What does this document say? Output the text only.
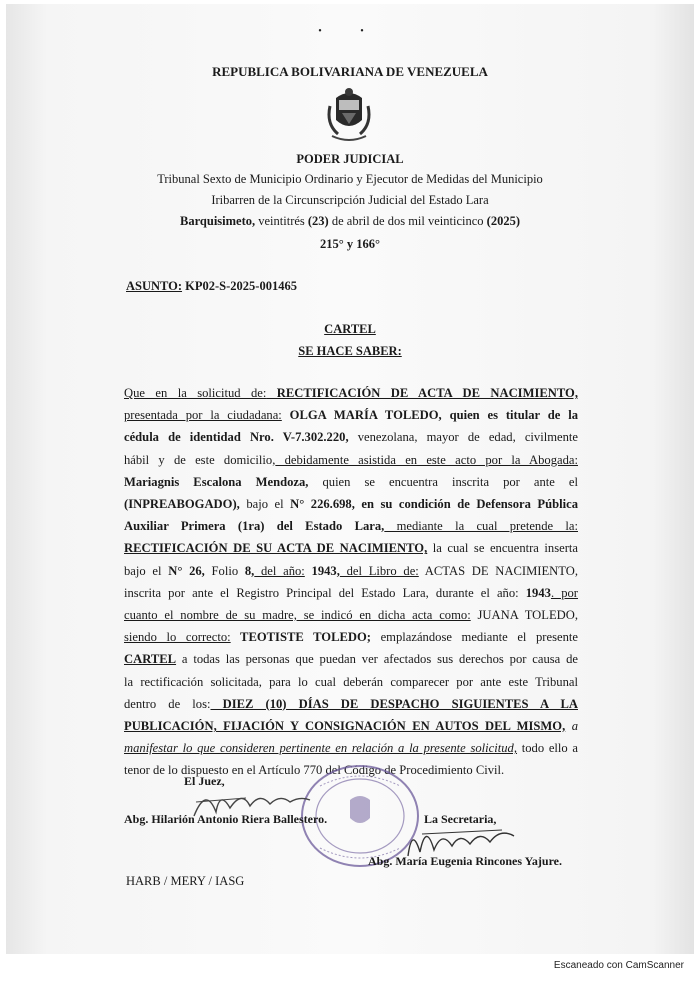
• •
REPUBLICA BOLIVARIANA DE VENEZUELA
PODER JUDICIAL
Tribunal Sexto de Municipio Ordinario y Ejecutor de Medidas del Municipio
Iribarren de la Circunscripción Judicial del Estado Lara
Barquisimeto, veintitrés (23) de abril de dos mil veinticinco (2025)
215° y 166°
ASUNTO: KP02-S-2025-001465
CARTEL
SE HACE SABER:
Que en la solicitud de: RECTIFICACIÓN DE ACTA DE NACIMIENTO,
presentada por la ciudadana: OLGA MARÍA TOLEDO, quien es titular de la
cédula de identidad Nro. V-7.302.220, venezolana, mayor de edad, civilmente
hábil y de este domicilio, debidamente asistida en este acto por la Abogada:
Mariagnis Escalona Mendoza, quien se encuentra inscrita por ante el
(INPREABOGADO), bajo el N° 226.698, en su condición de Defensora Pública
Auxiliar Primera (1ra) del Estado Lara, mediante la cual pretende la:
RECTIFICACIÓN DE SU ACTA DE NACIMIENTO, la cual se encuentra inserta
bajo el N° 26, Folio 8, del año: 1943, del Libro de: ACTAS DE NACIMIENTO,
inscrita por ante el Registro Principal del Estado Lara, durante el año: 1943. por
cuanto el nombre de su madre, se indicó en dicha acta como: JUANA TOLEDO,
siendo lo correcto: TEOTISTE TOLEDO; emplazándose mediante el presente
CARTEL a todas las personas que puedan ver afectados sus derechos por causa de
la rectificación solicitada, para lo cual deberán comparecer por ante este Tribunal
dentro de los: DIEZ (10) DÍAS DE DESPACHO SIGUIENTES A LA
PUBLICACIÓN, FIJACIÓN Y CONSIGNACIÓN EN AUTOS DEL MISMO, a
manifestar lo que consideren pertinente en relación a la presente solicitud, todo ello a
tenor de lo dispuesto en el Artículo 770 del Código de Procedimiento Civil.
El Juez,
Abg. Hilarión Antonio Riera Ballestero.	La Secretaria,
Abg. María Eugenia Rincones Yajure.
HARB / MERY / IASG
Escaneado con CamScanner
